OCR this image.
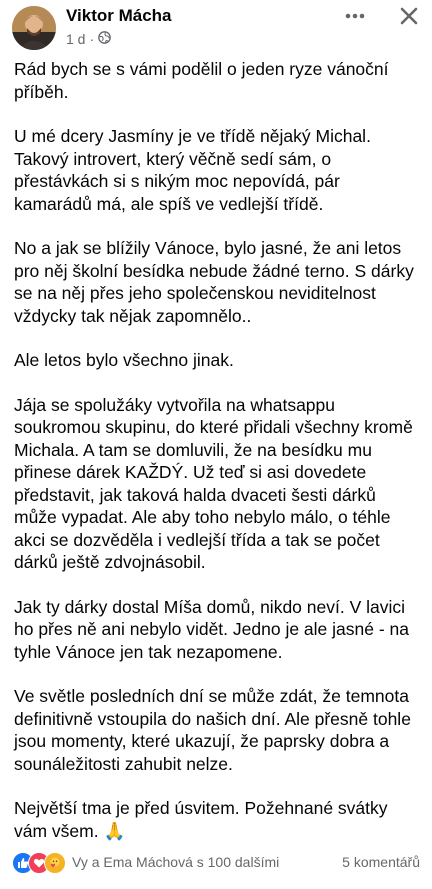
Viktor Mácha
1 d ·

Rád bych se s vámi podělil o jeden ryze vánoční
příběh.

U mé dcery Jasmíny je ve třídě nějaký Michal.
Takový introvert, který věčně sedí sám, o
přestávkách si s nikým moc nepovídá, pár
kamarádů má, ale spíš ve vedlejší třídě.

No a jak se blížily Vánoce, bylo jasné, že ani letos
pro něj školní besídka nebude žádné terno. S dárky
se na něj přes jeho společenskou neviditelnost
vždycky tak nějak zapomnělo..

Ale letos bylo všechno jinak.

Jája se spolužáky vytvořila na whatsappu
soukromou skupinu, do které přidali všechny kromě
Michala. A tam se domluvili, že na besídku mu
přinese dárek KAŽDÝ. Už teď si asi dovedete
představit, jak taková halda dvaceti šesti dárků
může vypadat. Ale aby toho nebylo málo, o téhle
akci se dozvěděla i vedlejší třída a tak se počet
dárků ještě zdvojnásobil.

Jak ty dárky dostal Míša domů, nikdo neví. V lavici
ho přes ně ani nebylo vidět. Jedno je ale jasné - na
tyhle Vánoce jen tak nezapomene.

Ve světle posledních dní se může zdát, že temnota
definitivně vstoupila do našich dní. Ale přesně tohle
jsou momenty, které ukazují, že paprsky dobra a
sounáležitosti zahubit nelze.

Největší tma je před úsvitem. Požehnané svátky
vám všem. 🙏

Vy a Ema Máchová s 100 dalšími	5 komentářů
